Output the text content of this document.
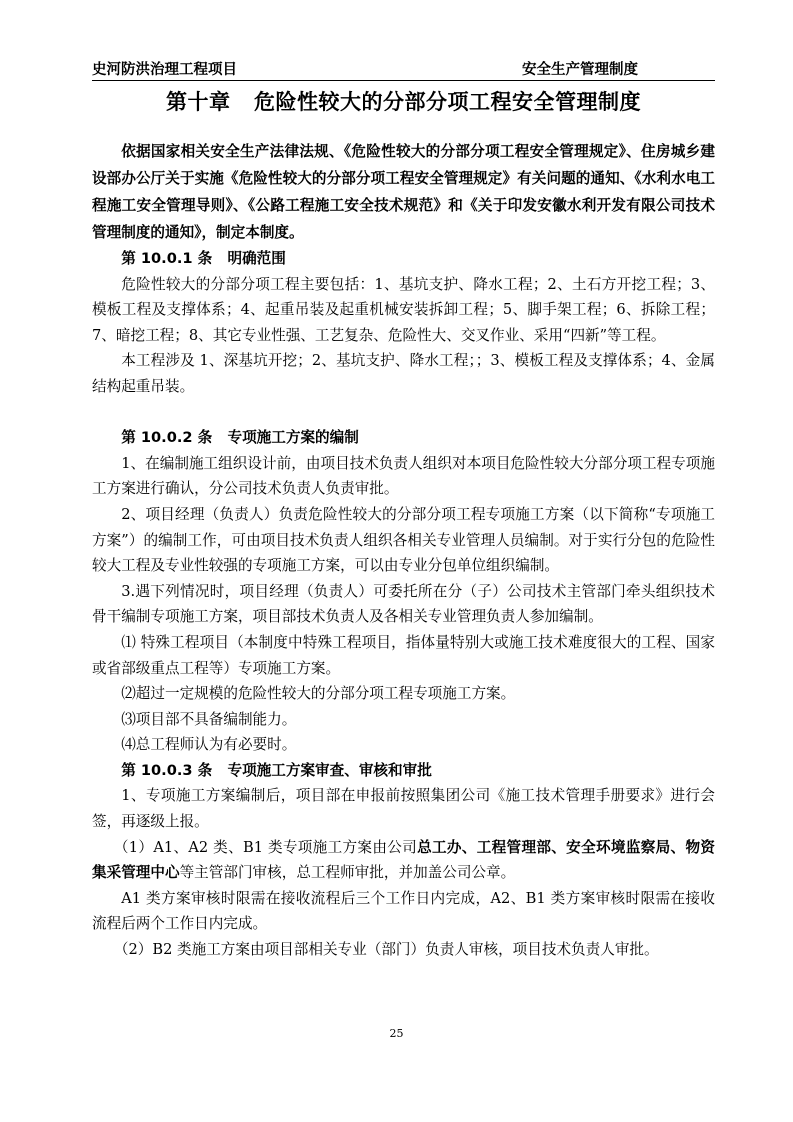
史河防洪治理工程项目	安全生产管理制度
第十章   危险性较大的分部分项工程安全管理制度

依据国家相关安全生产法律法规、《危险性较大的分部分项工程安全管理规定》、住房城乡建设部办公厅关于实施《危险性较大的分部分项工程安全管理规定》有关问题的通知、《水利水电工程施工安全管理导则》、《公路工程施工安全技术规范》和《关于印发安徽水利开发有限公司技术管理制度的通知》，制定本制度。

第 10.0.1 条   明确范围

危险性较大的分部分项工程主要包括：1、基坑支护、降水工程；2、土石方开挖工程；3、模板工程及支撑体系；4、起重吊装及起重机械安装拆卸工程；5、脚手架工程；6、拆除工程；7、暗挖工程；8、其它专业性强、工艺复杂、危险性大、交叉作业、采用“四新”等工程。

本工程涉及 1、深基坑开挖；2、基坑支护、降水工程；；3、模板工程及支撑体系；4、金属结构起重吊装。

第 10.0.2 条   专项施工方案的编制

1、在编制施工组织设计前，由项目技术负责人组织对本项目危险性较大分部分项工程专项施工方案进行确认，分公司技术负责人负责审批。

2、项目经理（负责人）负责危险性较大的分部分项工程专项施工方案（以下简称“专项施工方案”）的编制工作，可由项目技术负责人组织各相关专业管理人员编制。对于实行分包的危险性较大工程及专业性较强的专项施工方案，可以由专业分包单位组织编制。

3.遇下列情况时，项目经理（负责人）可委托所在分（子）公司技术主管部门牵头组织技术骨干编制专项施工方案，项目部技术负责人及各相关专业管理负责人参加编制。

⑴ 特殊工程项目（本制度中特殊工程项目，指体量特别大或施工技术难度很大的工程、国家或省部级重点工程等）专项施工方案。

⑵超过一定规模的危险性较大的分部分项工程专项施工方案。

⑶项目部不具备编制能力。

⑷总工程师认为有必要时。

第 10.0.3 条   专项施工方案审查、审核和审批

1、专项施工方案编制后，项目部在申报前按照集团公司《施工技术管理手册要求》进行会签，再逐级上报。

（1）A1、A2 类、B1 类专项施工方案由公司总工办、工程管理部、安全环境监察局、物资集采管理中心等主管部门审核，总工程师审批，并加盖公司公章。

A1 类方案审核时限需在接收流程后三个工作日内完成，A2、B1 类方案审核时限需在接收流程后两个工作日内完成。

（2）B2 类施工方案由项目部相关专业（部门）负责人审核，项目技术负责人审批。

25
